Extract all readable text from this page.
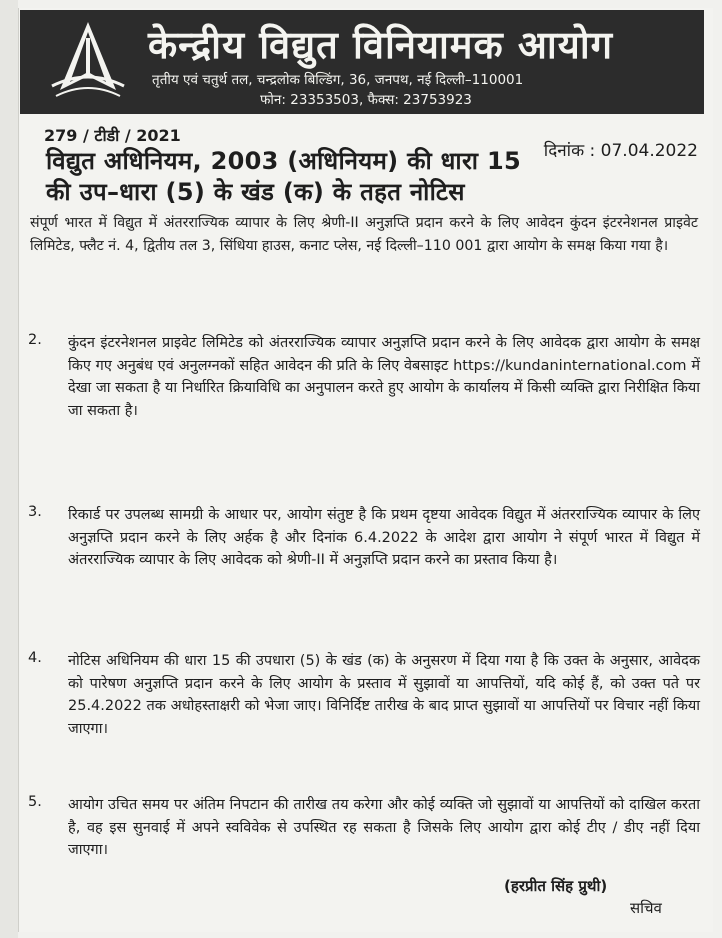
केन्द्रीय विद्युत विनियामक आयोग
तृतीय एवं चतुर्थ तल, चन्द्रलोक बिल्डिंग, 36, जनपथ, नई दिल्ली–110001
फोन: 23353503, फैक्स: 23753923
279 / टीडी / 2021
दिनांक : 07.04.2022
विद्युत अधिनियम, 2003 (अधिनियम) की धारा 15
की उप–धारा (5) के खंड (क) के तहत नोटिस
संपूर्ण भारत में विद्युत में अंतरराज्यिक व्यापार के लिए श्रेणी-II अनुज्ञप्ति प्रदान करने के लिए आवेदन कुंदन इंटरनेशनल प्राइवेट लिमिटेड, फ्लैट नं. 4, द्वितीय तल 3, सिंधिया हाउस, कनाट प्लेस, नई दिल्ली–110 001 द्वारा आयोग के समक्ष किया गया है।
2. कुंदन इंटरनेशनल प्राइवेट लिमिटेड को अंतरराज्यिक व्यापार अनुज्ञप्ति प्रदान करने के लिए आवेदक द्वारा आयोग के समक्ष किए गए अनुबंध एवं अनुलग्नकों सहित आवेदन की प्रति के लिए वेबसाइट https://kundaninternational.com में देखा जा सकता है या निर्धारित क्रियाविधि का अनुपालन करते हुए आयोग के कार्यालय में किसी व्यक्ति द्वारा निरीक्षित किया जा सकता है।
3. रिकार्ड पर उपलब्ध सामग्री के आधार पर, आयोग संतुष्ट है कि प्रथम दृष्टया आवेदक विद्युत में अंतरराज्यिक व्यापार के लिए अनुज्ञप्ति प्रदान करने के लिए अर्हक है और दिनांक 6.4.2022 के आदेश द्वारा आयोग ने संपूर्ण भारत में विद्युत में अंतरराज्यिक व्यापार के लिए आवेदक को श्रेणी-II में अनुज्ञप्ति प्रदान करने का प्रस्ताव किया है।
4. नोटिस अधिनियम की धारा 15 की उपधारा (5) के खंड (क) के अनुसरण में दिया गया है कि उक्त के अनुसार, आवेदक को पारेषण अनुज्ञप्ति प्रदान करने के लिए आयोग के प्रस्ताव में सुझावों या आपत्तियों, यदि कोई हैं, को उक्त पते पर 25.4.2022 तक अधोहस्ताक्षरी को भेजा जाए। विनिर्दिष्ट तारीख के बाद प्राप्त सुझावों या आपत्तियों पर विचार नहीं किया जाएगा।
5. आयोग उचित समय पर अंतिम निपटान की तारीख तय करेगा और कोई व्यक्ति जो सुझावों या आपत्तियों को दाखिल करता है, वह इस सुनवाई में अपने स्वविवेक से उपस्थित रह सकता है जिसके लिए आयोग द्वारा कोई टीए / डीए नहीं दिया जाएगा।
(हरप्रीत सिंह प्रुथी)
सचिव
